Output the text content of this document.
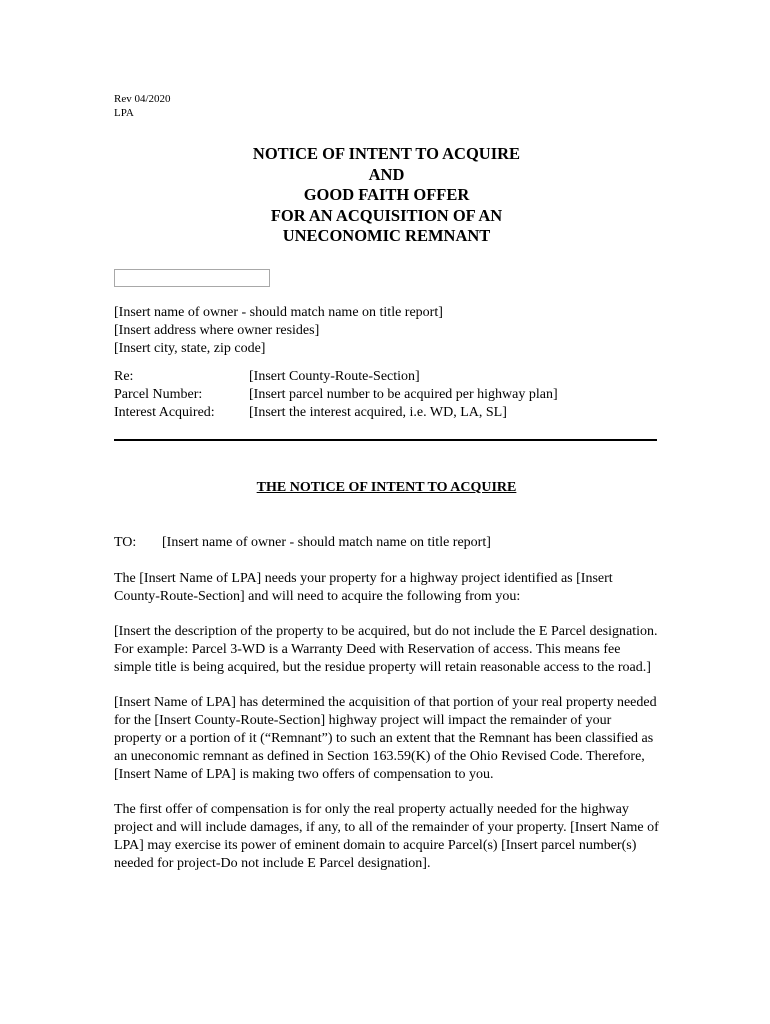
Rev 04/2020
LPA
NOTICE OF INTENT TO ACQUIRE
AND
GOOD FAITH OFFER
FOR AN ACQUISITION OF AN
UNECONOMIC REMNANT
[Insert name of owner - should match name on title report]
[Insert address where owner resides]
[Insert city, state, zip code]
Re:	[Insert County-Route-Section]
Parcel Number:	[Insert parcel number to be acquired per highway plan]
Interest Acquired:	[Insert the interest acquired, i.e. WD, LA, SL]
THE NOTICE OF INTENT TO ACQUIRE
TO:	[Insert name of owner - should match name on title report]

The [Insert Name of LPA] needs your property for a highway project identified as [Insert County-Route-Section] and will need to acquire the following from you:

[Insert the description of the property to be acquired, but do not include the E Parcel designation. For example: Parcel 3-WD is a Warranty Deed with Reservation of access. This means fee simple title is being acquired, but the residue property will retain reasonable access to the road.]

[Insert Name of LPA] has determined the acquisition of that portion of your real property needed for the [Insert County-Route-Section] highway project will impact the remainder of your property or a portion of it (“Remnant”) to such an extent that the Remnant has been classified as an uneconomic remnant as defined in Section 163.59(K) of the Ohio Revised Code. Therefore, [Insert Name of LPA] is making two offers of compensation to you.

The first offer of compensation is for only the real property actually needed for the highway project and will include damages, if any, to all of the remainder of your property. [Insert Name of LPA] may exercise its power of eminent domain to acquire Parcel(s) [Insert parcel number(s) needed for project-Do not include E Parcel designation].
